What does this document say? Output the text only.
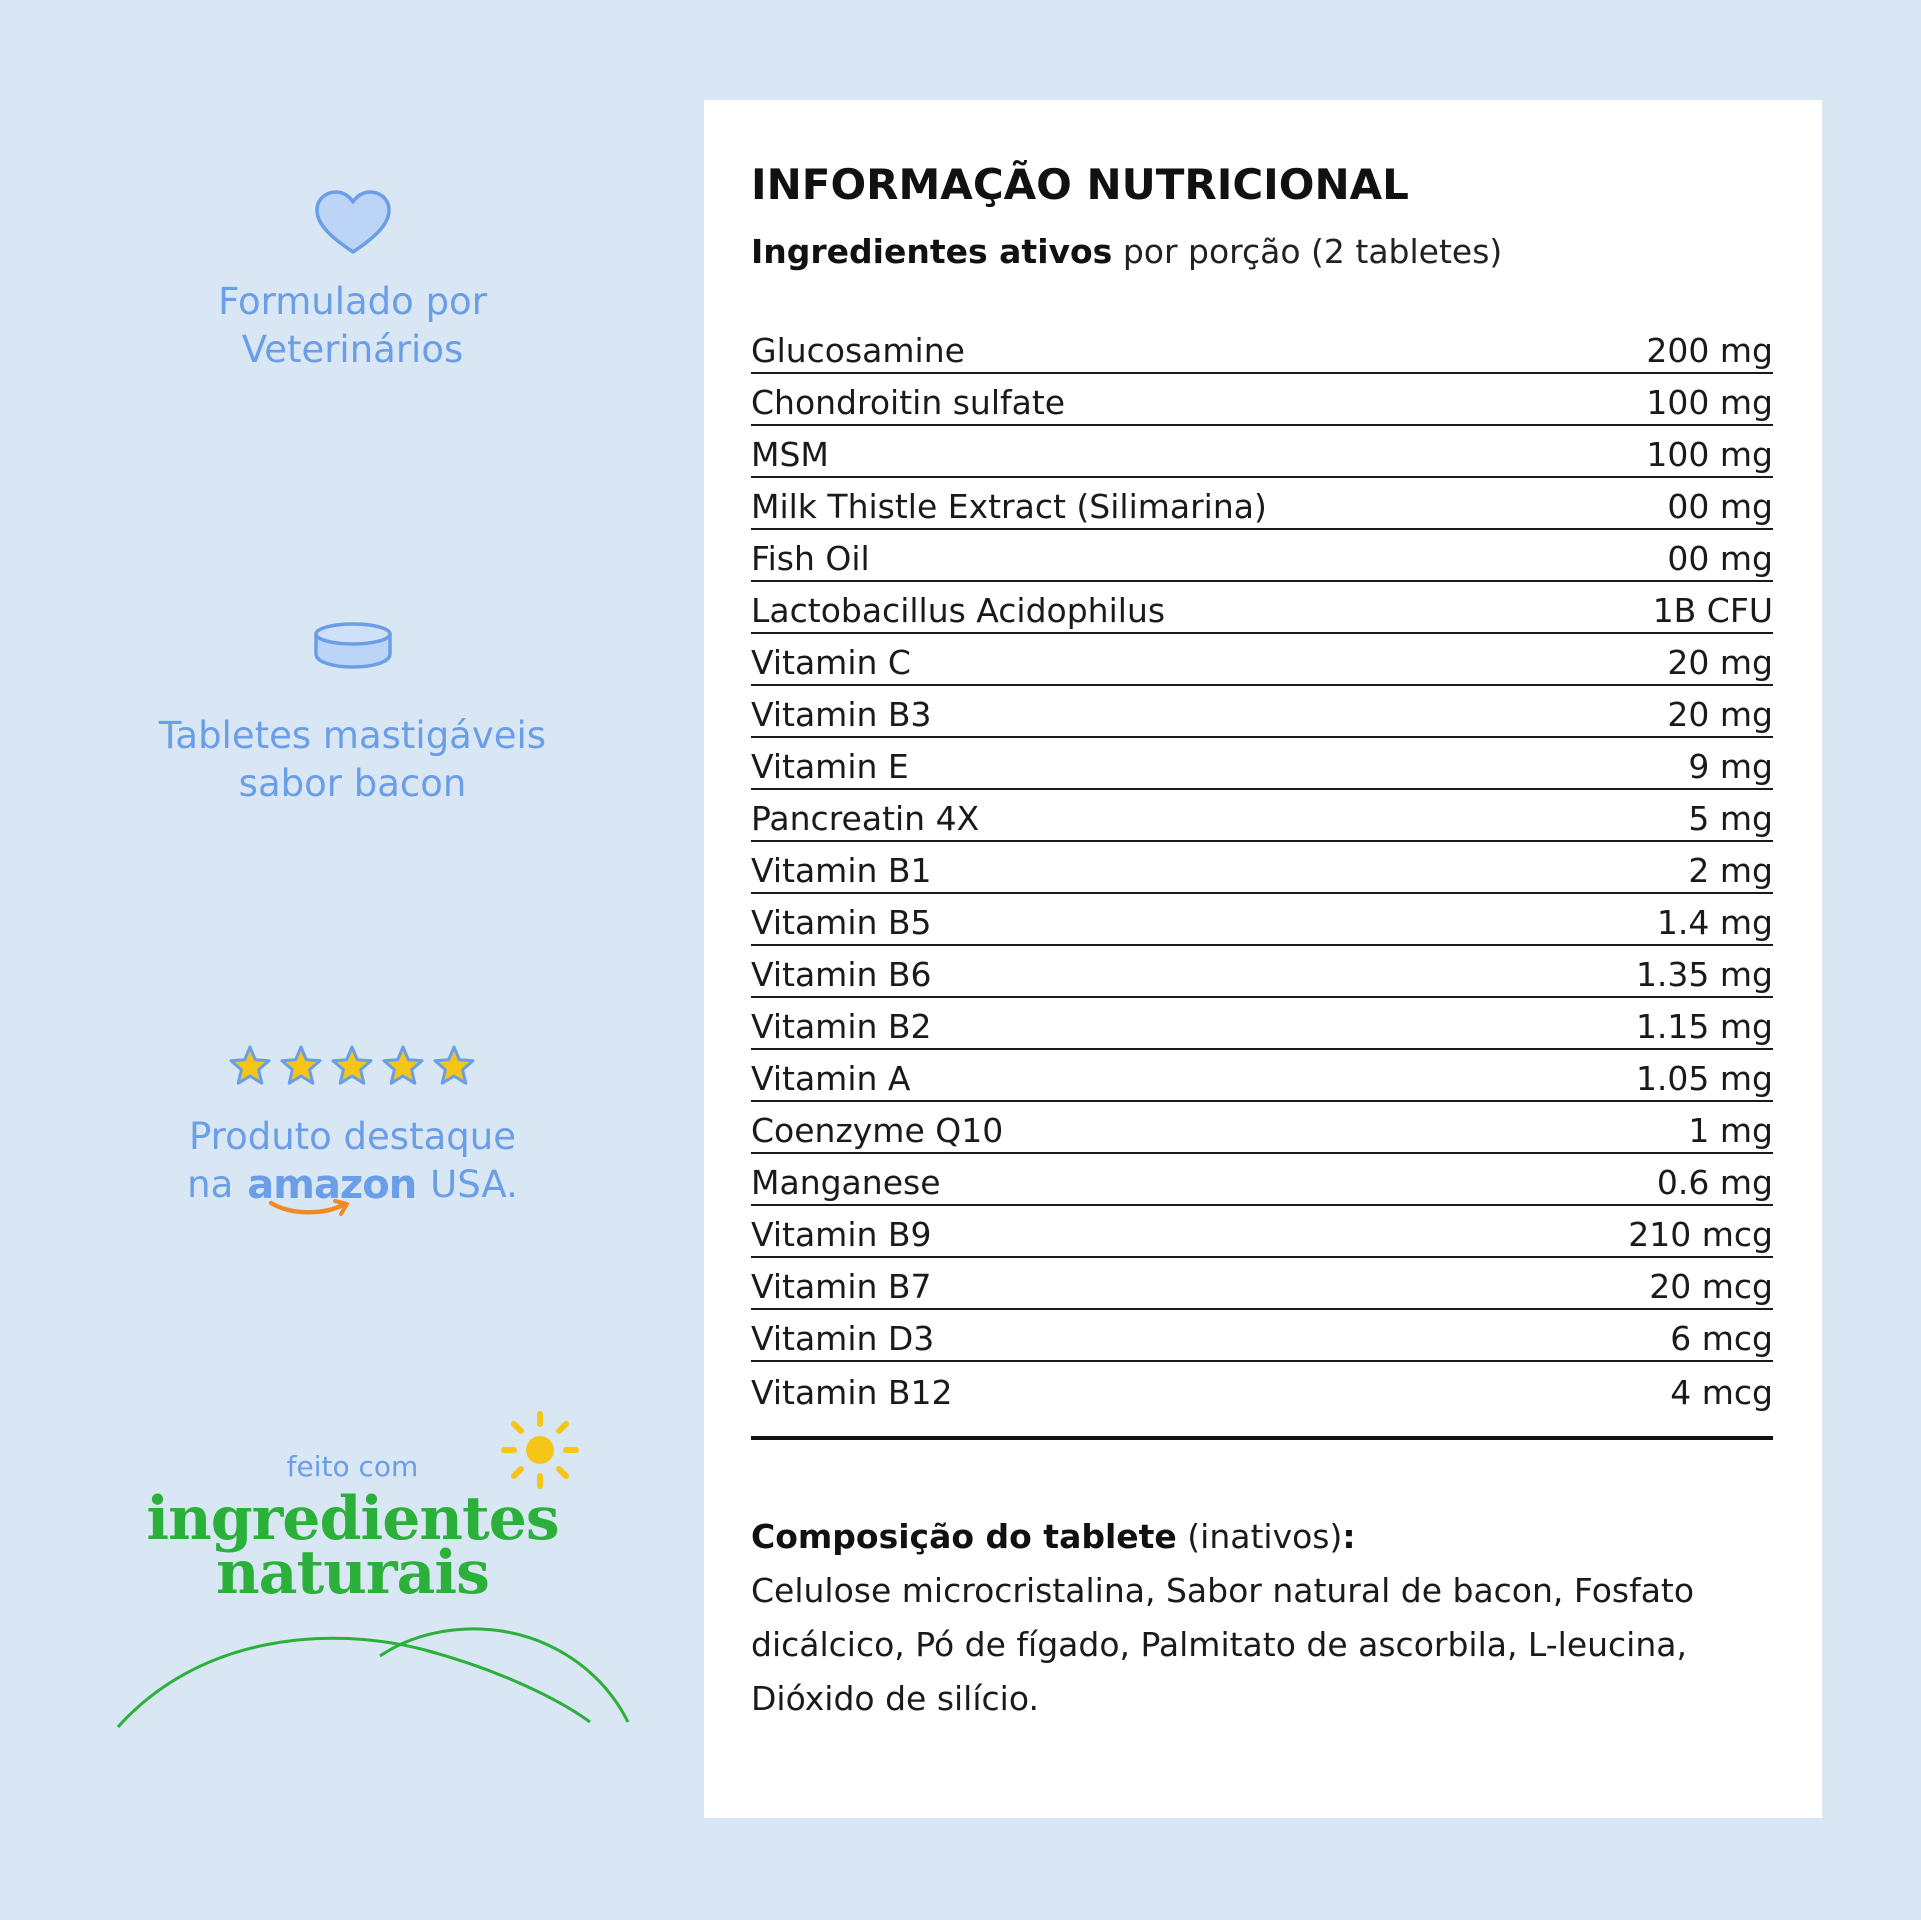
Formulado por
Veterinários
Tabletes mastigáveis
sabor bacon
Produto destaque
na amazon USA.
feito com
ingredientes
naturais
INFORMAÇÃO NUTRICIONAL
Ingredientes ativos por porção (2 tabletes)
Glucosamine	200 mg
Chondroitin sulfate	100 mg
MSM	100 mg
Milk Thistle Extract (Silimarina)	00 mg
Fish Oil	00 mg
Lactobacillus Acidophilus	1B CFU
Vitamin C	20 mg
Vitamin B3	20 mg
Vitamin E	9 mg
Pancreatin 4X	5 mg
Vitamin B1	2 mg
Vitamin B5	1.4 mg
Vitamin B6	1.35 mg
Vitamin B2	1.15 mg
Vitamin A	1.05 mg
Coenzyme Q10	1 mg
Manganese	0.6 mg
Vitamin B9	210 mcg
Vitamin B7	20 mcg
Vitamin D3	6 mcg
Vitamin B12	4 mcg
Composição do tablete (inativos):
Celulose microcristalina, Sabor natural de bacon, Fosfato
dicálcico, Pó de fígado, Palmitato de ascorbila, L-leucina,
Dióxido de silício.
